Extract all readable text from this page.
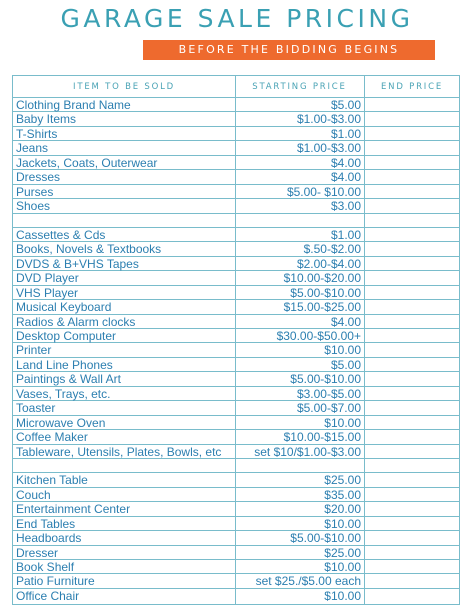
GARAGE SALE PRICING
BEFORE THE BIDDING BEGINS
ITEM TO BE SOLD	STARTING PRICE	END PRICE
Clothing Brand Name	$5.00
Baby Items	$1.00-$3.00
T-Shirts	$1.00
Jeans	$1.00-$3.00
Jackets, Coats, Outerwear	$4.00
Dresses	$4.00
Purses	$5.00- $10.00
Shoes	$3.00
Cassettes & Cds	$1.00
Books, Novels & Textbooks	$.50-$2.00
DVDS & B+VHS Tapes	$2.00-$4.00
DVD Player	$10.00-$20.00
VHS Player	$5.00-$10.00
Musical Keyboard	$15.00-$25.00
Radios & Alarm clocks	$4.00
Desktop Computer	$30.00-$50.00+
Printer	$10.00
Land Line Phones	$5.00
Paintings & Wall Art	$5.00-$10.00
Vases, Trays, etc.	$3.00-$5.00
Toaster	$5.00-$7.00
Microwave Oven	$10.00
Coffee Maker	$10.00-$15.00
Tableware, Utensils, Plates, Bowls, etc	set $10/$1.00-$3.00
Kitchen Table	$25.00
Couch	$35.00
Entertainment Center	$20.00
End Tables	$10.00
Headboards	$5.00-$10.00
Dresser	$25.00
Book Shelf	$10.00
Patio Furniture	set $25./$5.00 each
Office Chair	$10.00
